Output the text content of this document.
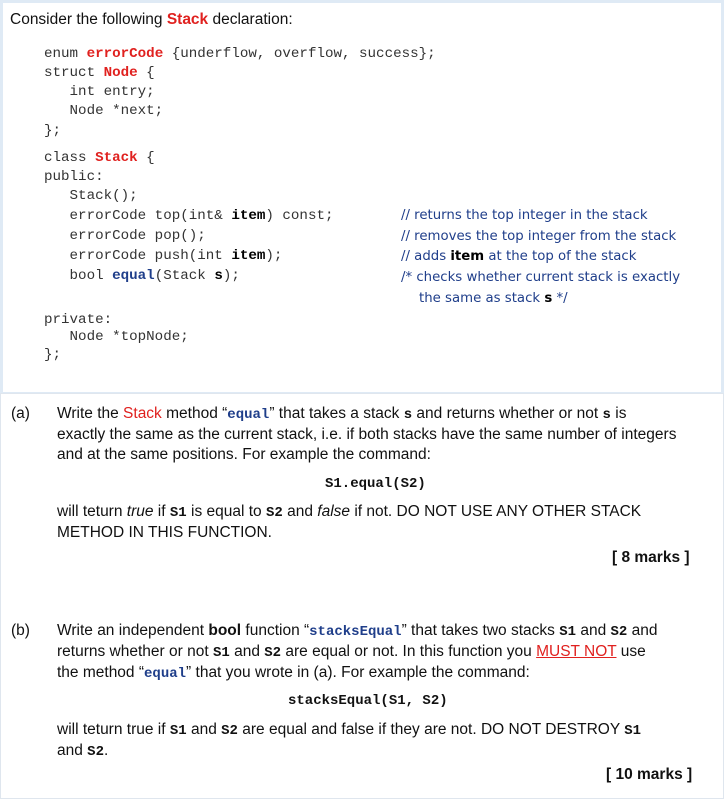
Consider the following Stack declaration:
enum errorCode {underflow, overflow, success};
struct Node {
int entry;
Node *next;
};
class Stack {
public:
Stack();
errorCode top(int& item) const;
errorCode pop();
errorCode push(int item);
bool equal(Stack s);
private:
Node *topNode;
};
// returns the top integer in the stack
// removes the top integer from the stack
// adds item at the top of the stack
/* checks whether current stack is exactly
the same as stack s */
(a) Write the Stack method “equal” that takes a stack s and returns whether or not s is
exactly the same as the current stack, i.e. if both stacks have the same number of integers
and at the same positions. For example the command:
S1.equal(S2)
will teturn true if S1 is equal to S2 and false if not. DO NOT USE ANY OTHER STACK
METHOD IN THIS FUNCTION.
[ 8 marks ]
(b) Write an independent bool function “stacksEqual” that takes two stacks S1 and S2 and
returns whether or not S1 and S2 are equal or not. In this function you MUST NOT use
the method “equal” that you wrote in (a). For example the command:
stacksEqual(S1, S2)
will teturn true if S1 and S2 are equal and false if they are not. DO NOT DESTROY S1
and S2.
[ 10 marks ]
